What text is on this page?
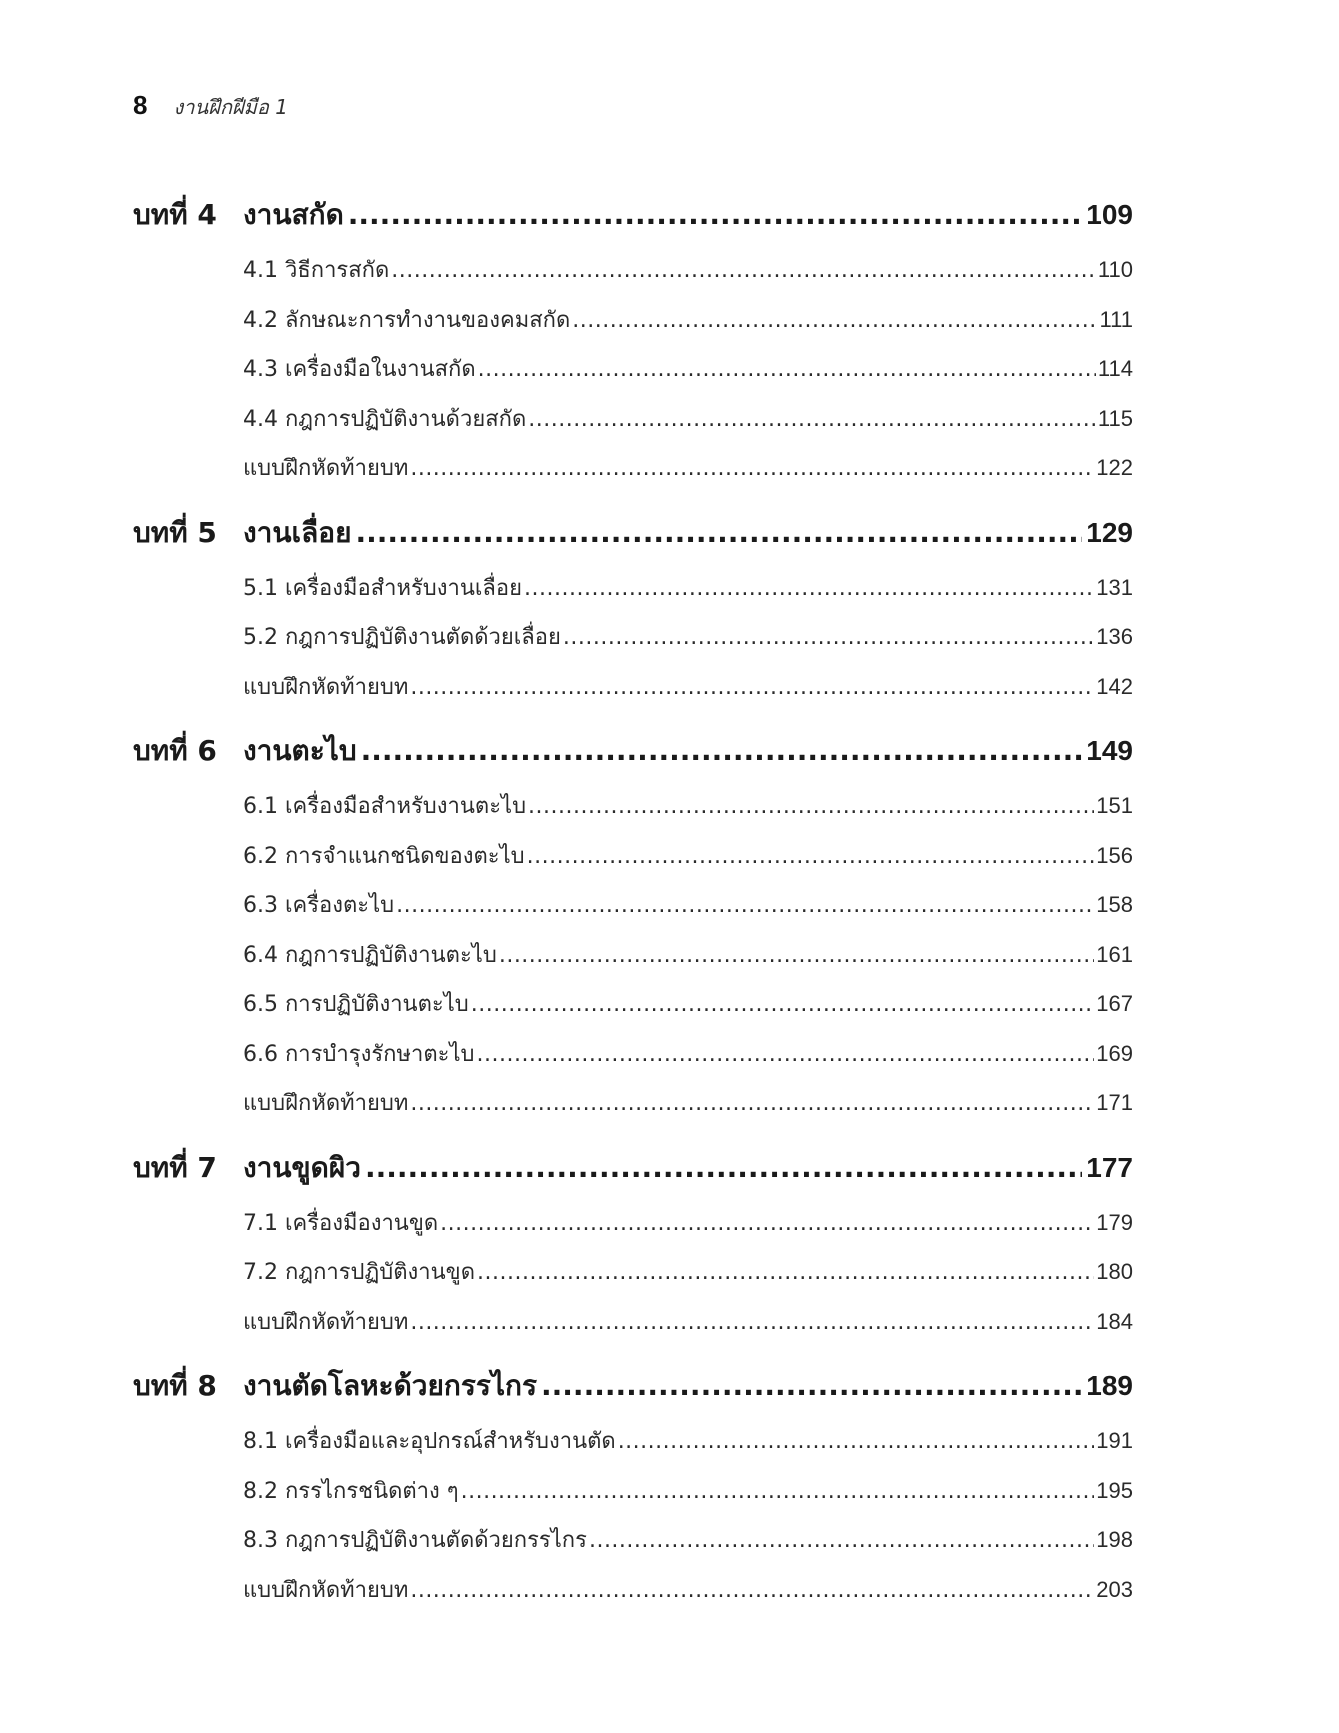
8 งานฝึกฝีมือ 1
บทที่ 4 งานสกัด .....	109
4.1 วิธีการสกัด .....	110
4.2 ลักษณะการทำงานของคมสกัด .....	111
4.3 เครื่องมือในงานสกัด .....	114
4.4 กฎการปฏิบัติงานด้วยสกัด .....	115
แบบฝึกหัดท้ายบท .....	122
บทที่ 5 งานเลื่อย .....	129
5.1 เครื่องมือสำหรับงานเลื่อย .....	131
5.2 กฎการปฏิบัติงานตัดด้วยเลื่อย .....	136
แบบฝึกหัดท้ายบท .....	142
บทที่ 6 งานตะไบ .....	149
6.1 เครื่องมือสำหรับงานตะไบ .....	151
6.2 การจำแนกชนิดของตะไบ .....	156
6.3 เครื่องตะไบ .....	158
6.4 กฎการปฏิบัติงานตะไบ .....	161
6.5 การปฏิบัติงานตะไบ .....	167
6.6 การบำรุงรักษาตะไบ .....	169
แบบฝึกหัดท้ายบท .....	171
บทที่ 7 งานขูดผิว .....	177
7.1 เครื่องมืองานขูด .....	179
7.2 กฎการปฏิบัติงานขูด .....	180
แบบฝึกหัดท้ายบท .....	184
บทที่ 8 งานตัดโลหะด้วยกรรไกร .....	189
8.1 เครื่องมือและอุปกรณ์สำหรับงานตัด .....	191
8.2 กรรไกรชนิดต่าง ๆ .....	195
8.3 กฎการปฏิบัติงานตัดด้วยกรรไกร .....	198
แบบฝึกหัดท้ายบท .....	203
